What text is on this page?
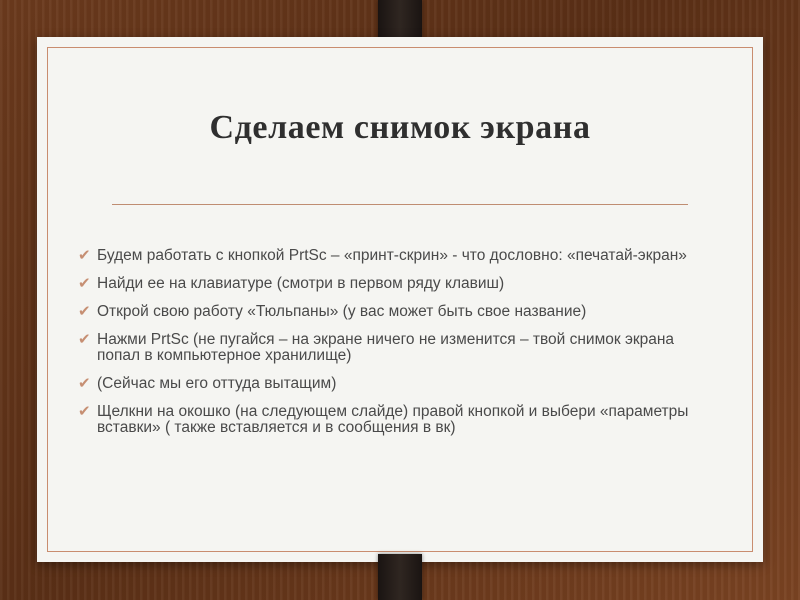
Сделаем снимок экрана
✔ Будем работать с кнопкой PrtSc – «принт-скрин» - что дословно: «печатай-экран»
✔ Найди ее на клавиатуре (смотри в первом ряду клавиш)
✔ Открой свою работу «Тюльпаны» (у вас может быть свое название)
✔ Нажми PrtSc (не пугайся – на экране ничего не изменится – твой снимок экрана попал в компьютерное хранилище)
✔ (Сейчас мы его оттуда вытащим)
✔ Щелкни на окошко (на следующем слайде) правой кнопкой и выбери «параметры вставки» ( также вставляется и в сообщения в вк)
